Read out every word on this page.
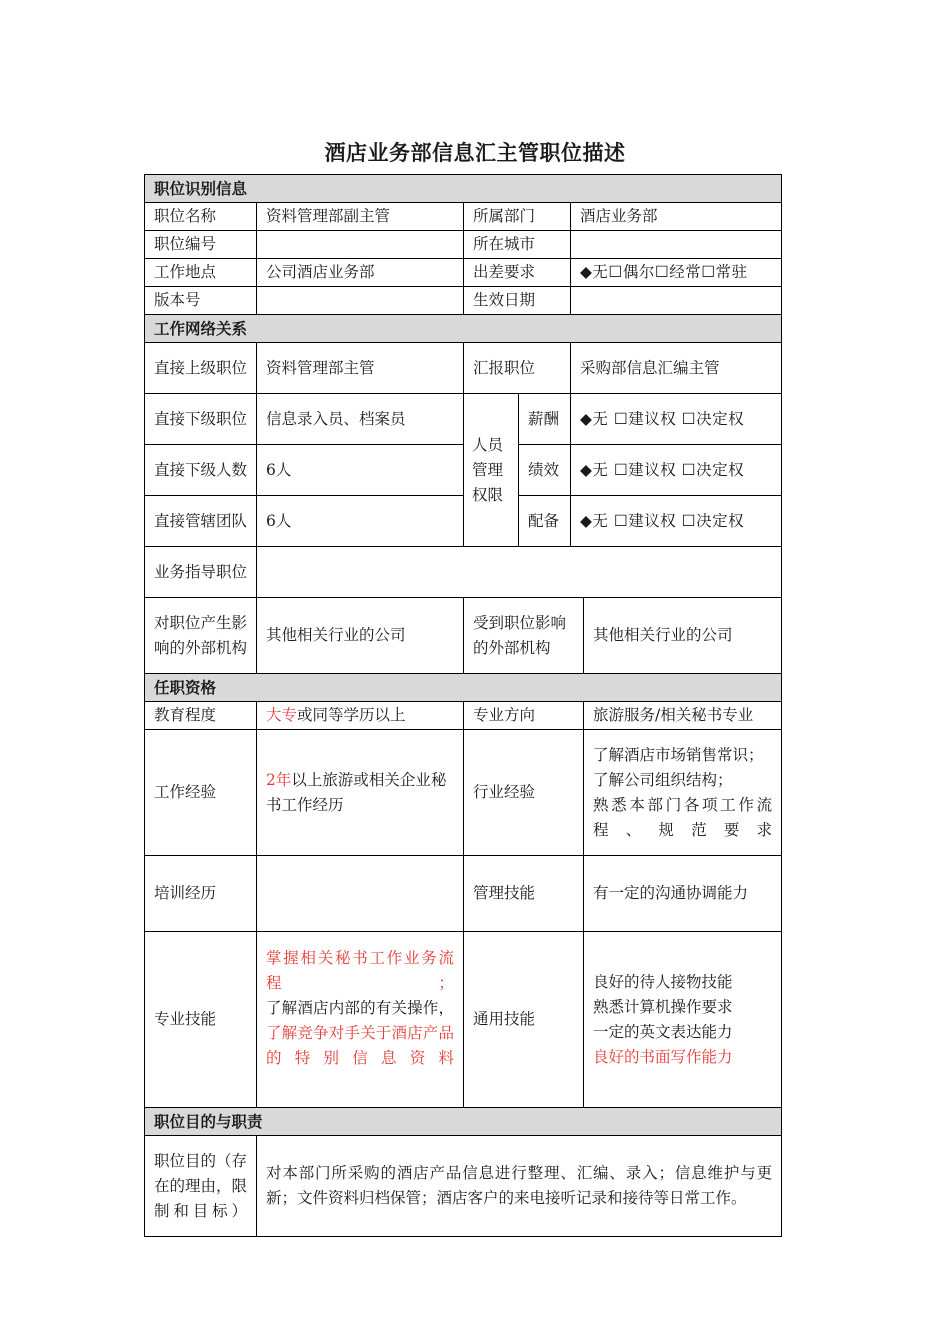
酒店业务部信息汇主管职位描述
职位识别信息					
职位名称	资料管理部副主管	所属部门		酒店业务部	
职位编号		所在城市			
工作地点	公司酒店业务部	出差要求		◆无☐偶尔☐经常☐常驻	
版本号		生效日期			
工作网络关系					
直接上级职位	资料管理部主管	汇报职位		采购部信息汇编主管	
直接下级职位	信息录入员、档案员	人员管理权限	薪酬	◆无 ☐建议权 ☐决定权	
直接下级人数	6人		绩效	◆无 ☐建议权 ☐决定权	
直接管辖团队	6人		配备	◆无 ☐建议权 ☐决定权	
业务指导职位					
对职位产生影响的外部机构	其他相关行业的公司	受到职位影响的外部机构			其他相关行业的公司
任职资格					
教育程度	大专或同等学历以上	专业方向			旅游服务/相关秘书专业
工作经验	2年以上旅游或相关企业秘书工作经历	行业经验			了解酒店市场销售常识；
了解公司组织结构；
熟悉本部门各项工作流程、规范要求

培训经历		管理技能			有一定的沟通协调能力
专业技能	掌握相关秘书工作业务流程；
了解酒店内部的有关操作，
了解竞争对手关于酒店产品的特别信息资料	通用技能			良好的待人接物技能
熟悉计算机操作要求
一定的英文表达能力
良好的书面写作能力

职位目的与职责					
职位目的（存在的理由，限制和目标）	对本部门所采购的酒店产品信息进行整理、汇编、录入；信息维护与更新；文件资料归档保管；酒店客户的来电接听记录和接待等日常工作。				
